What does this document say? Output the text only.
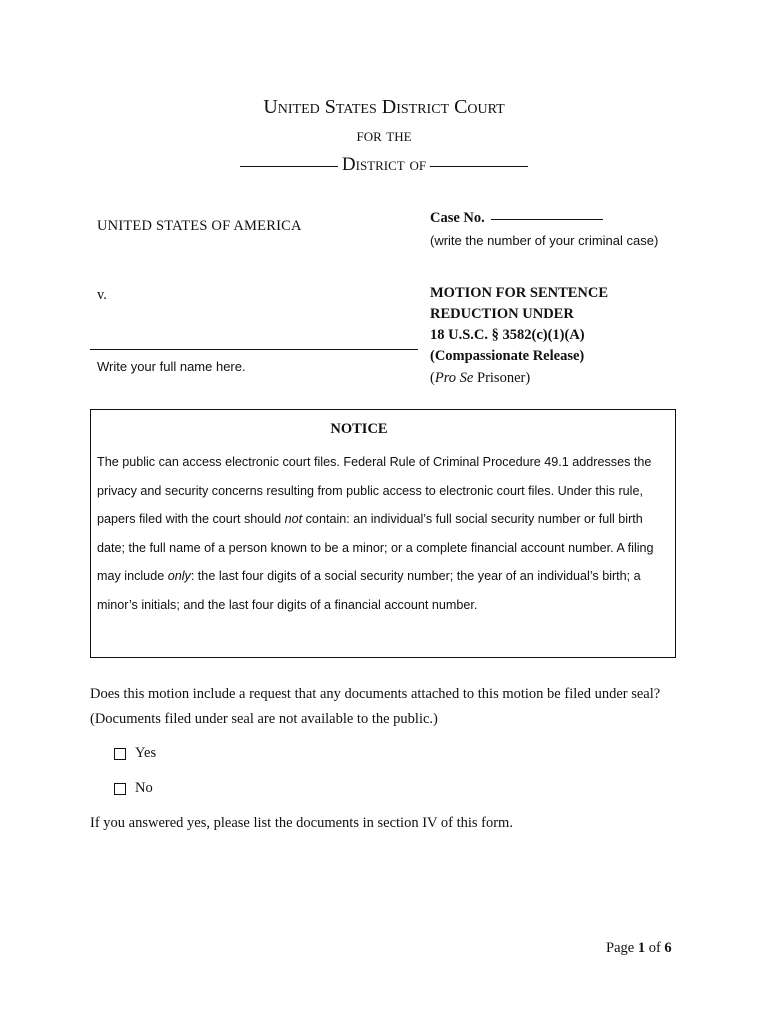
United States District Court
for the
District of
UNITED STATES OF AMERICA
v.
Write your full name here.
Case No.
(write the number of your criminal case)
MOTION FOR SENTENCE
REDUCTION UNDER
18 U.S.C. § 3582(c)(1)(A)
(Compassionate Release)
(Pro Se Prisoner)
NOTICE
The public can access electronic court files. Federal Rule of Criminal Procedure 49.1 addresses the privacy and security concerns resulting from public access to electronic court files. Under this rule, papers filed with the court should not contain: an individual’s full social security number or full birth date; the full name of a person known to be a minor; or a complete financial account number. A filing may include only: the last four digits of a social security number; the year of an individual’s birth; a minor’s initials; and the last four digits of a financial account number.
Does this motion include a request that any documents attached to this motion be filed under seal? (Documents filed under seal are not available to the public.)
Yes
No
If you answered yes, please list the documents in section IV of this form.
Page 1 of 6
